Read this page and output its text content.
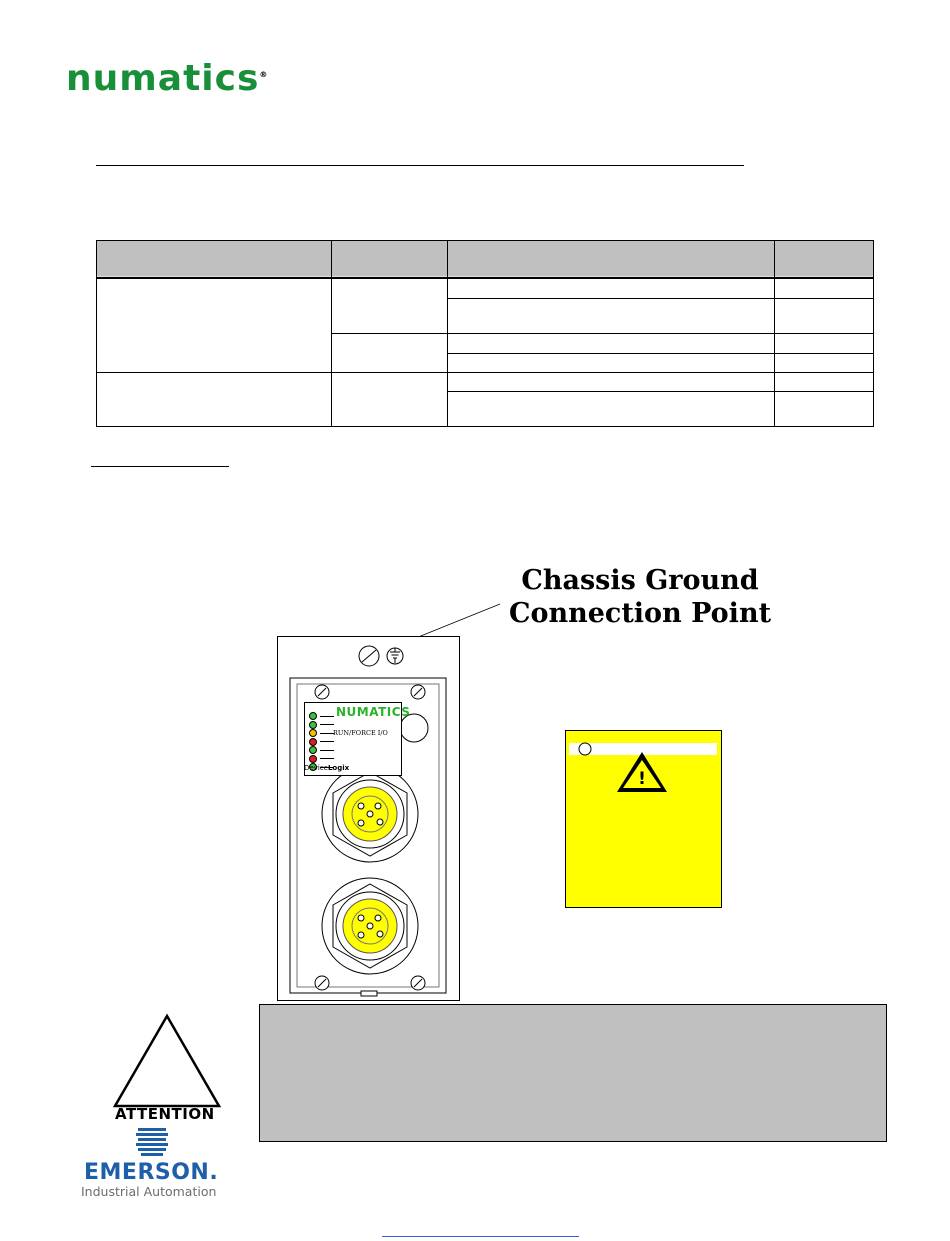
numatics®

Chassis Ground
Connection Point
NUMATICS
RUN/FORCE I/O
DeviceLogix
!
ATTENTION
EMERSON.
Industrial Automation
